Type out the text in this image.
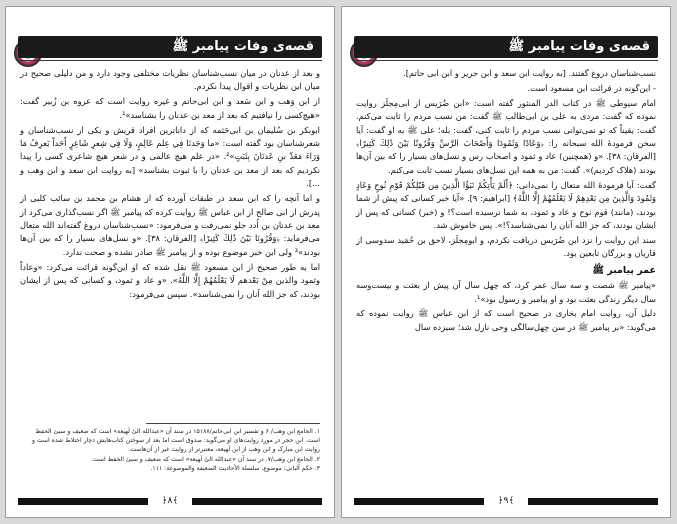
قصه‌ی وفات پیامبر ﷺ

و بعد از عدنان در میان نسب‌شناسان نظریات مختلفی وجود دارد و من دلیلی صحیح در میان این نظریات و اقوال پیدا نکردم.

از ابن وَهب و ابن سَعد و ابن ابی‌حاتم و غیره روایت است که عروه بن زُبیر گفت: «هیچ‌کسی را نیافتیم که بعد از معد بن عدنان را بشناسد»¹.

ابوبکر بن سُلیمان بن ابی‌حَثمه که از داناترین افراد قریش و یکی از نسب‌شناسان و شعرشناسان بود گفته است: «ما وَجَدنَا فِي عِلم عَالِمٍ، وَلَا فِي شِعرِ شَاعِرٍ أَحَداً يَعرِفُ مَا وَرَاءَ مَعَدِّ بنِ عَدنَانَ بِثَبَتٍ»². «در علم هیچ عالمی و در شعر هیچ شاعری کسی را پیدا نکردیم که بعد از معد بن عدنان را با ثبوت بشناسد» [به روایت ابن سعد و ابن وهب و ...].

و اما آنچه را که ابن سعد در طبقات آورده که از هشام بن محمد بن سائب کلبی از پدرش از ابی صالح از ابن عباس ﷺ روایت کرده که پیامبر ﷺ اگر نسب‌گذاری می‌کرد از معد بن عدنان بن اُدد جلو نمی‌رفت و می‌فرمود: «نسب‌شناسان دروغ گفته‌اند الله متعال می‌فرماید: ﴿وَقُرُونَا بَيْنَ ذَٰلِكَ كَثِيرًا﴾ [الفرقان: ۳۸]. «و نسل‌های بسیار را که بین آن‌ها بودند»³ ولی این خبر موضوع بوده و از پیامبر ﷺ صادر نشده و صحت ندارد.

اما به طور صحیح از ابن مسعود ﷺ نقل شده که او این‌گونه قرائت می‌کرد: «وعاداً وثمود والذين مِنْ بَعْدهم لَا يَعْلَمُهُمْ إِلَّا اللَّهُ». «و عاد و ثمود، و کسانی که پس از ایشان بودند، که جز الله آنان را نمی‌شناسد». سپس می‌فرمود:

۱. الجامع ابن وهب/ ۶ و تفسیر ابن ابی‌حاتم/۱۵۱۸۸ در سند آن «عبدالله الیُ لَهیعة» است که ضعیف و سیئ الحفظ است. ابن حجر در مورد روایت‌های او می‌گوید: صدوق است اما بعد از سوختن کتاب‌هایش دچار اختلاط شده است و روایت ابن مبارک و ابن وهب از ابن لَهیعة، معتبرتر از روایت غیر از آن‌هاست.
۲. الجامع ابن وهب/۷. در سند آن «عبدالله الیُ لَهیعة» است که ضعیف و سیئ الحفظ است.
۳. حکم آلبانی: موضوع، سلسلة الأحادیث الضعیفة والموضوعة: ۱۱۱.
﴿۸﴾
قصه‌ی وفات پیامبر ﷺ

نسب‌شناسان دروغ گفتند. [به روایت ابن سعد و ابن جریر و ابن ابی حاتم].

- این‌گونه در قرائت ابن مسعود است.

امام سیوطی ﷺ در کتاب الدر المنثور گفته است: «ابن ضُرَیس از ابی‌مِجلَز روایت نموده که گفت: مردی به علی بن ابی‌طالب ﷺ گفت: من نسب مردم را ثابت می‌کنم. گفت: یقیناً که تو نمی‌توانی نسب مردم را ثابت کنی، گفت: بله؛ علی ﷺ به او گفت: آیا سخن فرمودهٔ الله سبحانه را: ﴿وَعَادًا وَثَمُودَا وَأَصْحَابَ الرَّسِّ وَقُرُونًا بَيْنَ ذَٰلِكَ كَثِيرًا﴾ [الفرقان: ۳۸]. «و (همچنین) عاد و ثمود و اصحاب رس و نسل‌های بسیار را که بین آن‌ها بودند (هلاک کردیم)». گفت: من به همه این نسل‌های بسیار نسب ثابت می‌کنم.

گفت: آیا فرمودهٔ الله متعال را نمی‌دانی: ﴿أَلَمْ يَأْتِكُمْ نَبَؤُا الَّذِينَ مِن قَبْلِكُمْ قَوْمِ نُوحٍ وَعَادٍ وَثَمُودَ وَالَّذِينَ مِن بَعْدِهِمْ لَا يَعْلَمُهُمْ إِلَّا اللَّهُ﴾ [ابراهیم: ۹]. «آیا خبر کسانی که پیش از شما بودند، (مانند) قوم نوح و عاد و ثمود، به شما نرسیده است؟! و (خبر) کسانی که پس از ایشان بودند، که جز الله آنان را نمی‌شناسد؟!». پس خاموش شد.

سند این روایت را نزد ابن ضُرَیس دریافت نکردم، و ابومِجلَز، لاحق بن حُمَید سدوسی از قاریان و بزرگان تابعین بود.

عمر پیامبر ﷺ

«پیامبر ﷺ شصت و سه سال عمر کرد، که چهل سال آن پیش از بعثت و بیست‌وسه سال دیگر زندگی بعثت بود و او پیامبر و رسول بود»¹.

دلیل آن، روایت امام بخاری در صحیح است که از ابن عباس ﷺ روایت نموده که می‌گوید: «بر پیامبر ﷺ در سن چهل‌سالگی وحی نازل شد؛ سیزده سال

﴿۹﴾
